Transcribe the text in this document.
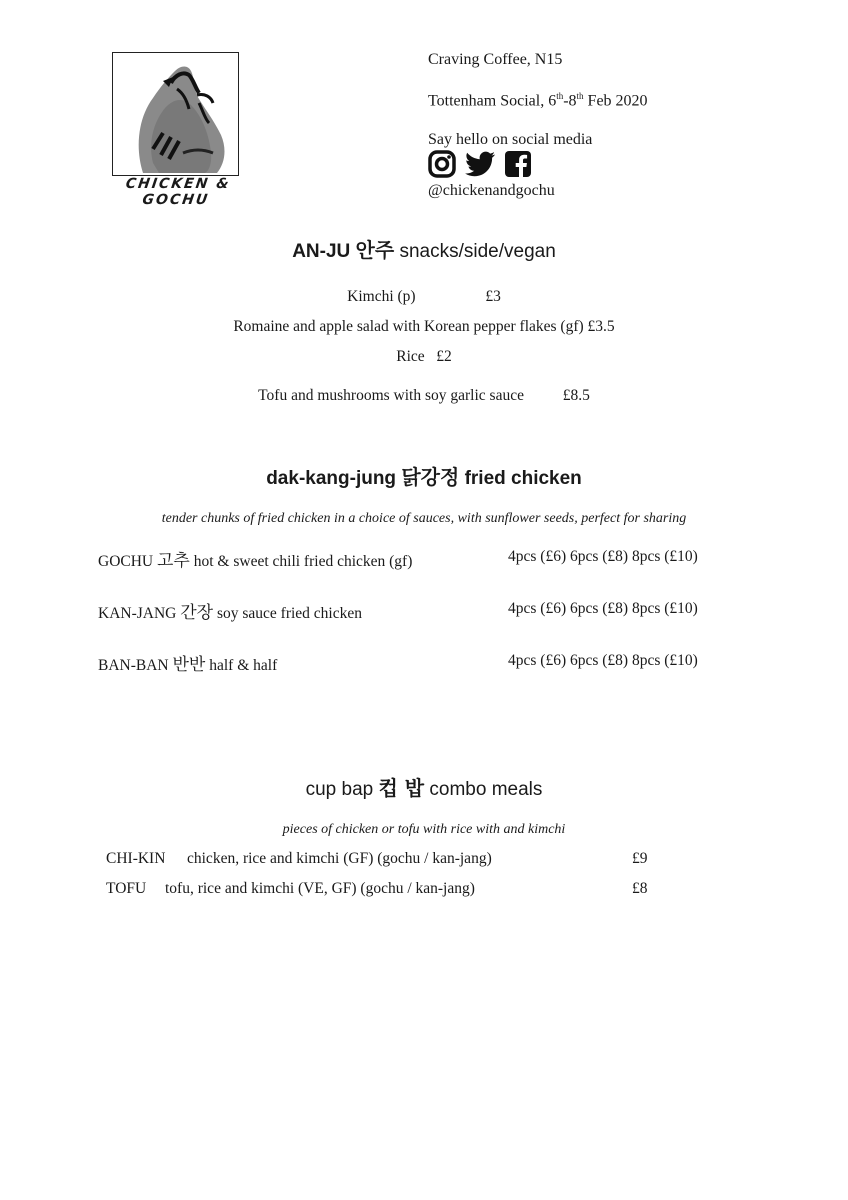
CHICKEN & GOCHU
Craving Coffee, N15
Tottenham Social, 6th-8th Feb 2020
Say hello on social media
@chickenandgochu
AN-JU 안주 snacks/side/vegan
Kimchi (p)                  £3
Romaine and apple salad with Korean pepper flakes (gf) £3.5
Rice   £2
Tofu and mushrooms with soy garlic sauce          £8.5
dak-kang-jung 닭강정 fried chicken
tender chunks of fried chicken in a choice of sauces, with sunflower seeds, perfect for sharing
GOCHU 고추 hot & sweet chili fried chicken (gf)	4pcs (£6) 6pcs (£8) 8pcs (£10)
KAN-JANG 간장 soy sauce fried chicken	4pcs (£6) 6pcs (£8) 8pcs (£10)
BAN-BAN 반반 half & half	4pcs (£6) 6pcs (£8) 8pcs (£10)
cup bap 컵 밥 combo meals
pieces of chicken or tofu with rice with and kimchi
CHI-KIN chicken, rice and kimchi (GF) (gochu / kan-jang)	£9
TOFU tofu, rice and kimchi (VE, GF) (gochu / kan-jang)	£8
